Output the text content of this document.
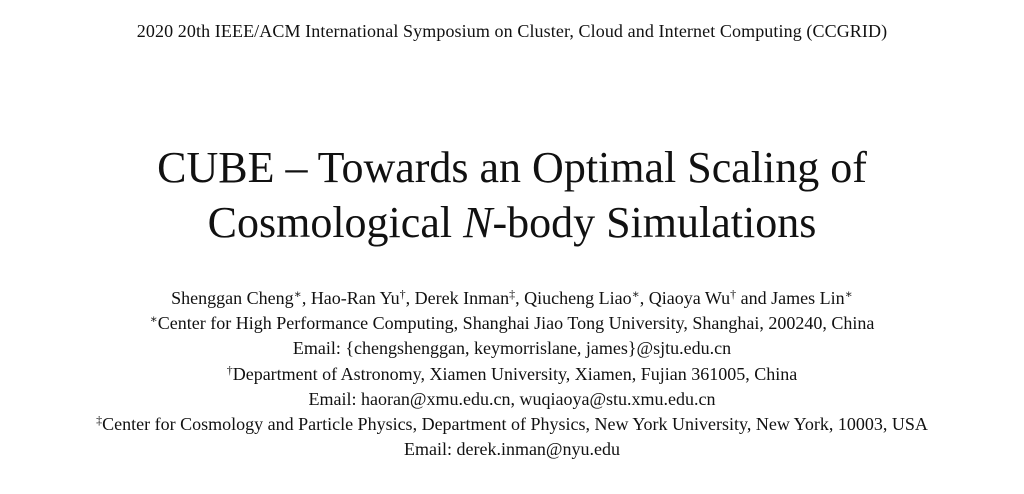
2020 20th IEEE/ACM International Symposium on Cluster, Cloud and Internet Computing (CCGRID)
CUBE – Towards an Optimal Scaling of
Cosmological N-body Simulations
Shenggan Cheng∗, Hao-Ran Yu†, Derek Inman‡, Qiucheng Liao∗, Qiaoya Wu† and James Lin∗
∗Center for High Performance Computing, Shanghai Jiao Tong University, Shanghai, 200240, China
Email: {chengshenggan, keymorrislane, james}@sjtu.edu.cn
†Department of Astronomy, Xiamen University, Xiamen, Fujian 361005, China
Email: haoran@xmu.edu.cn, wuqiaoya@stu.xmu.edu.cn
‡Center for Cosmology and Particle Physics, Department of Physics, New York University, New York, 10003, USA
Email: derek.inman@nyu.edu
